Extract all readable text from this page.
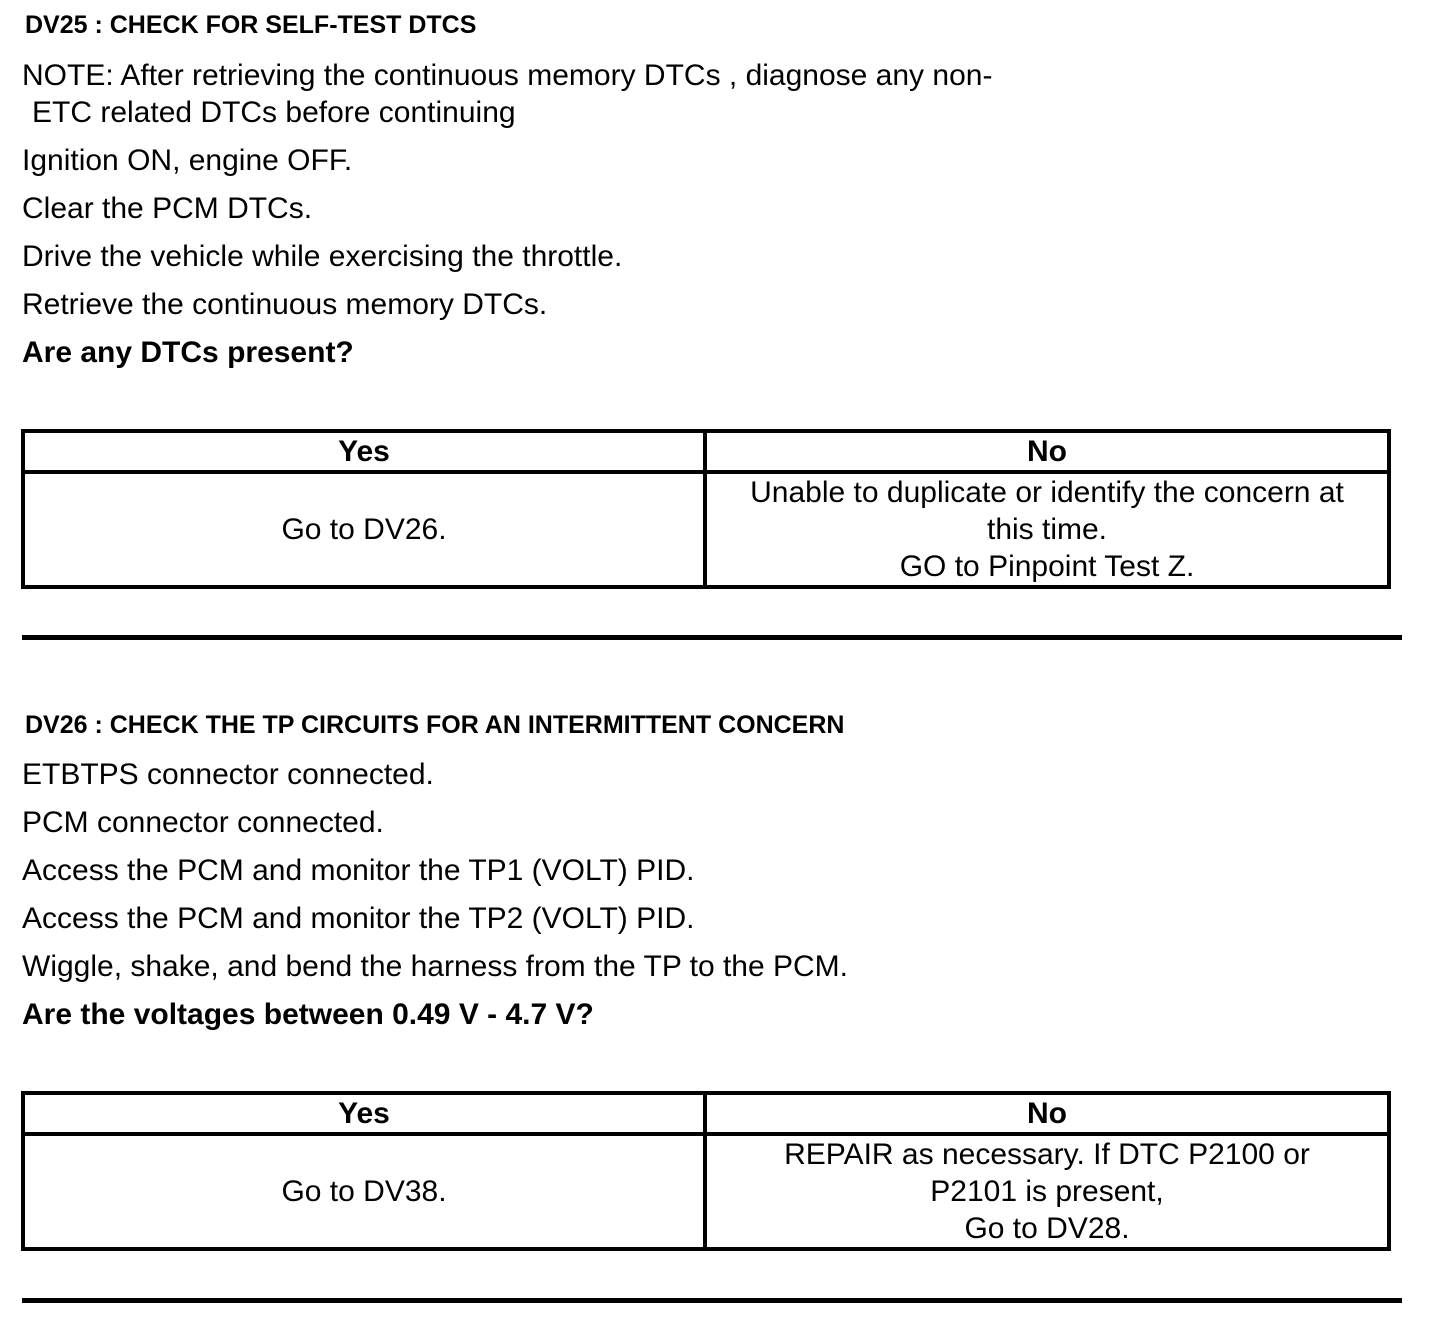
DV25 : CHECK FOR SELF-TEST DTCS
NOTE: After retrieving the continuous memory DTCs , diagnose any non-
ETC related DTCs before continuing
Ignition ON, engine OFF.
Clear the PCM DTCs.
Drive the vehicle while exercising the throttle.
Retrieve the continuous memory DTCs.
Are any DTCs present?
Yes	No
Go to DV26.	Unable to duplicate or identify the concern at
this time.
GO to Pinpoint Test Z.
DV26 : CHECK THE TP CIRCUITS FOR AN INTERMITTENT CONCERN
ETBTPS connector connected.
PCM connector connected.
Access the PCM and monitor the TP1 (VOLT) PID.
Access the PCM and monitor the TP2 (VOLT) PID.
Wiggle, shake, and bend the harness from the TP to the PCM.
Are the voltages between 0.49 V - 4.7 V?
Yes	No
Go to DV38.	REPAIR as necessary. If DTC P2100 or
P2101 is present,
Go to DV28.
